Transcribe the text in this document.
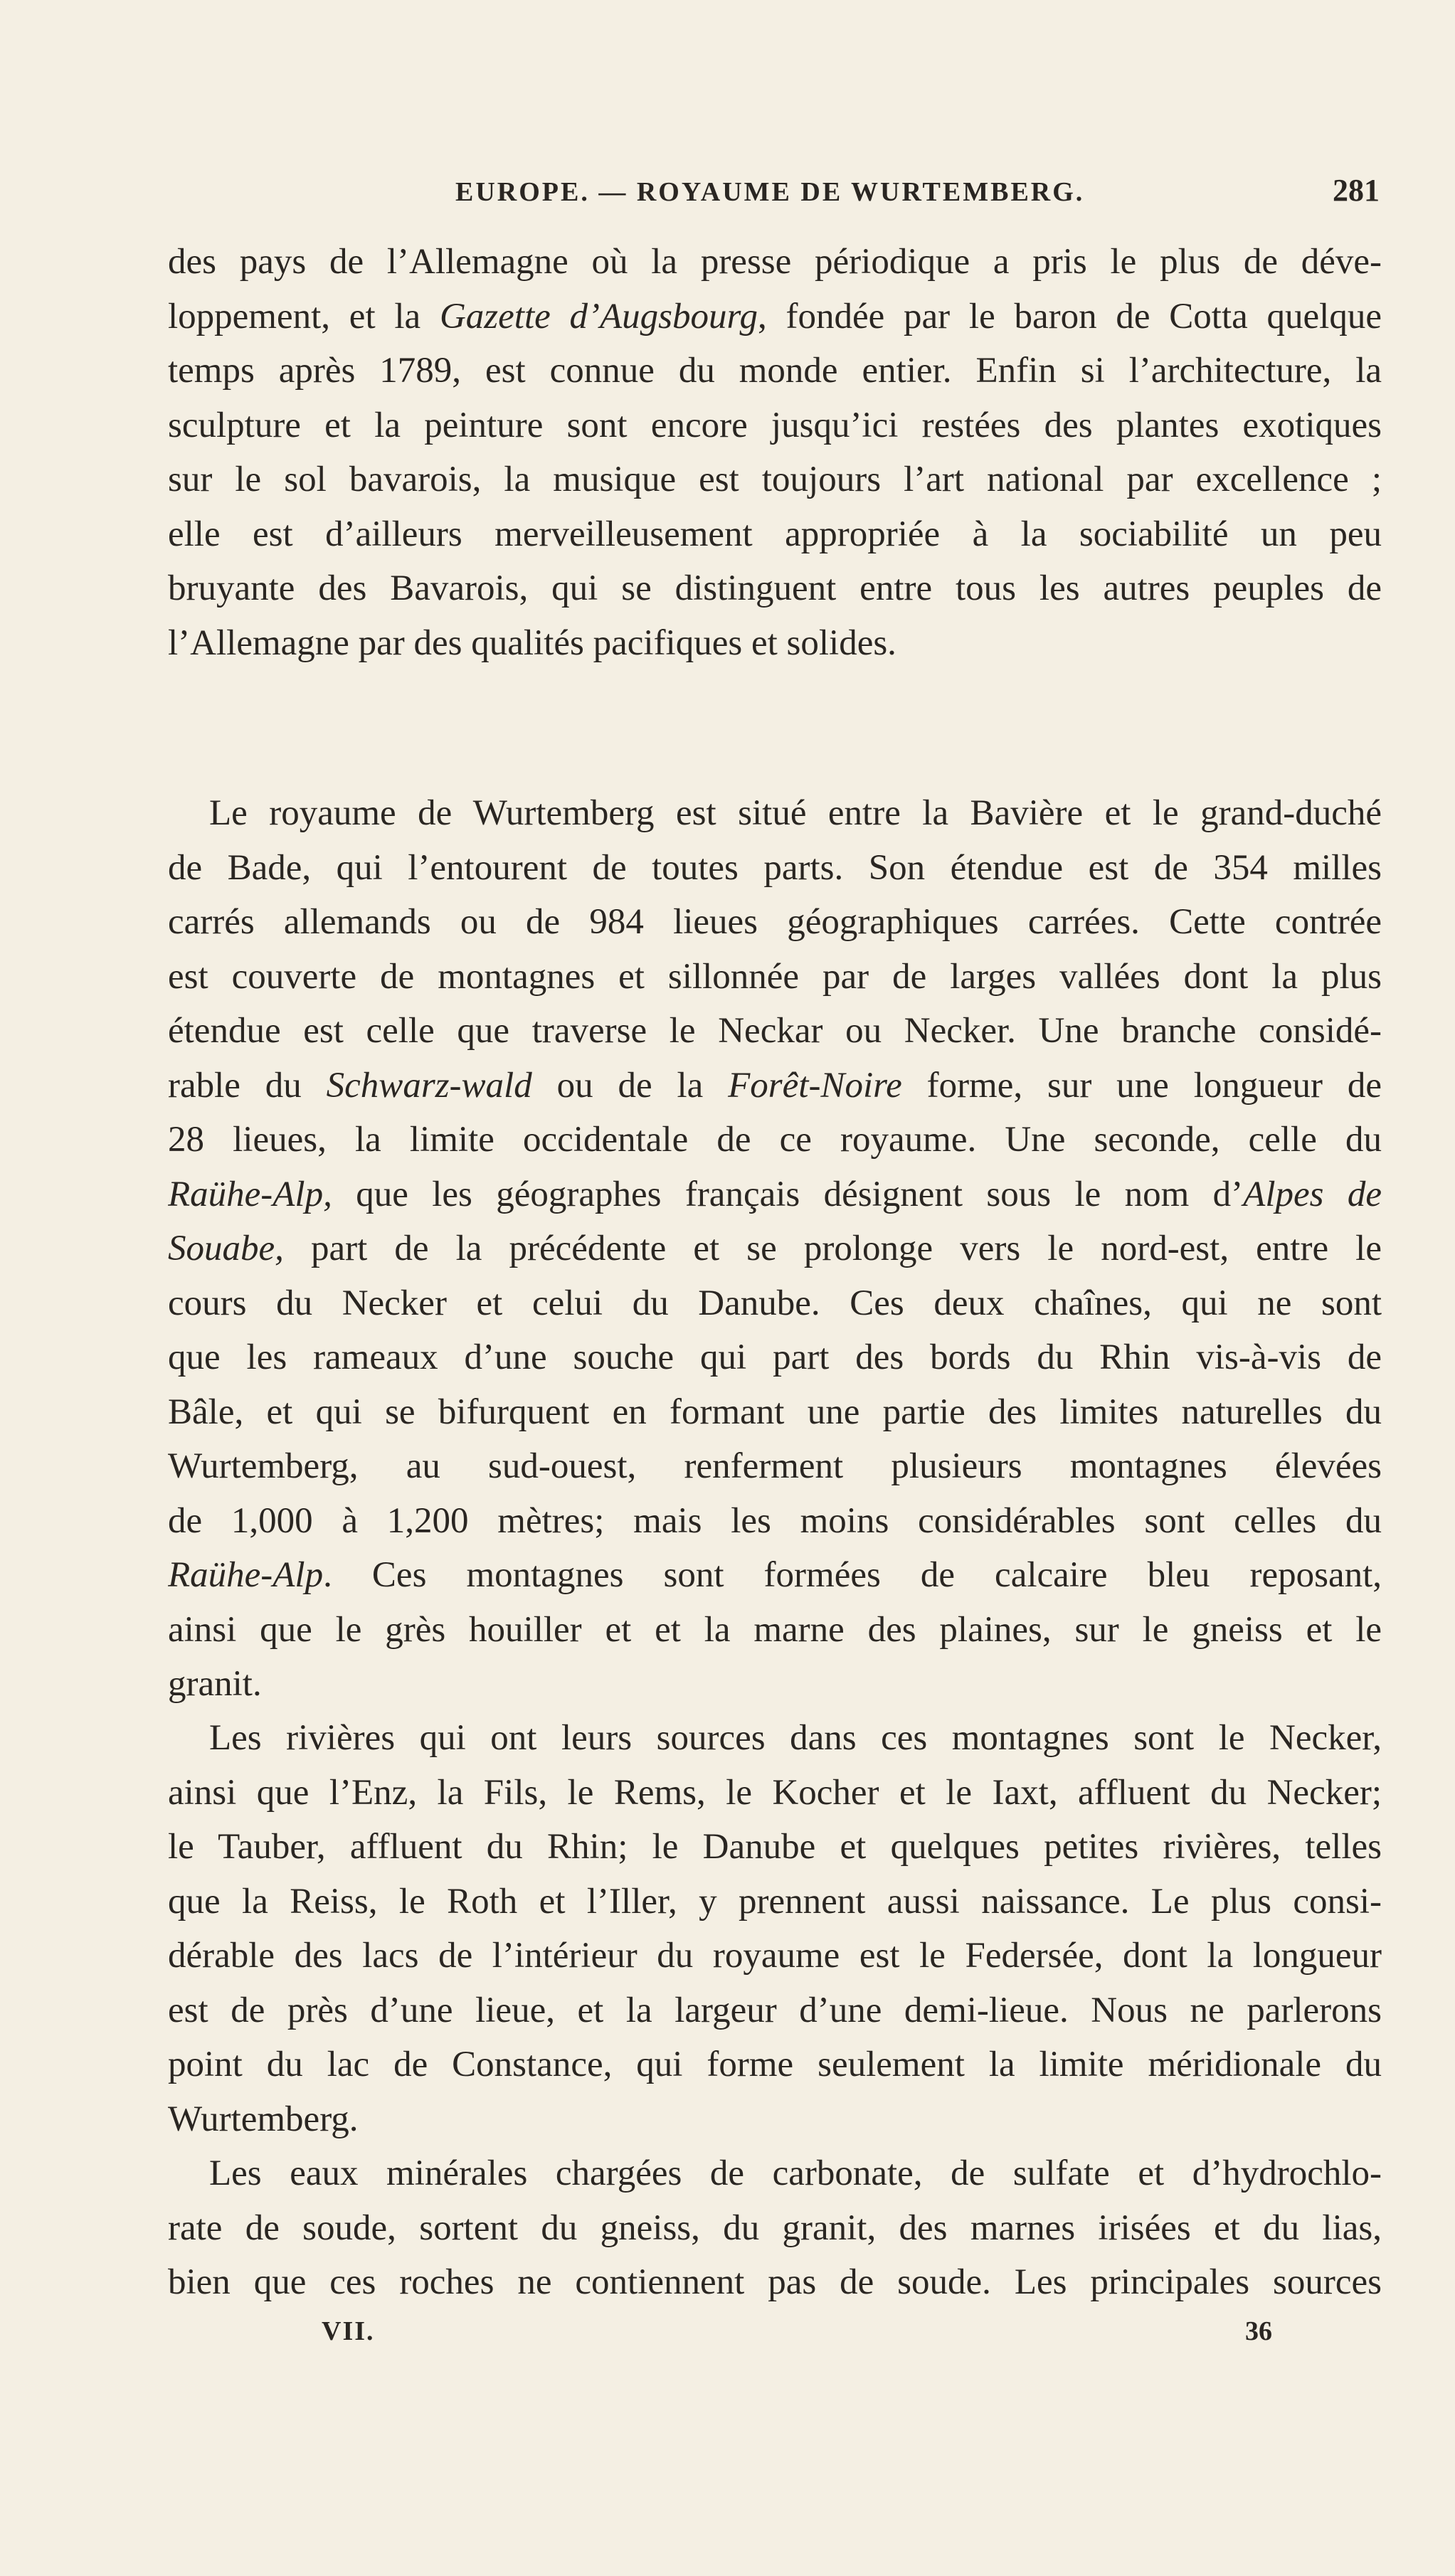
EUROPE. — ROYAUME DE WURTEMBERG.	281
des pays de l’Allemagne où la presse périodique a pris le plus de déve-
loppement, et la Gazette d’Augsbourg, fondée par le baron de Cotta quelque
temps après 1789, est connue du monde entier. Enfin si l’architecture, la
sculpture et la peinture sont encore jusqu’ici restées des plantes exotiques
sur le sol bavarois, la musique est toujours l’art national par excellence ;
elle est d’ailleurs merveilleusement appropriée à la sociabilité un peu
bruyante des Bavarois, qui se distinguent entre tous les autres peuples de
l’Allemagne par des qualités pacifiques et solides.
Le royaume de Wurtemberg est situé entre la Bavière et le grand-duché
de Bade, qui l’entourent de toutes parts. Son étendue est de 354 milles
carrés allemands ou de 984 lieues géographiques carrées. Cette contrée
est couverte de montagnes et sillonnée par de larges vallées dont la plus
étendue est celle que traverse le Neckar ou Necker. Une branche considé-
rable du Schwarz-wald ou de la Forêt-Noire forme, sur une longueur de
28 lieues, la limite occidentale de ce royaume. Une seconde, celle du
Raühe-Alp, que les géographes français désignent sous le nom d’Alpes de
Souabe, part de la précédente et se prolonge vers le nord-est, entre le
cours du Necker et celui du Danube. Ces deux chaînes, qui ne sont
que les rameaux d’une souche qui part des bords du Rhin vis-à-vis de
Bâle, et qui se bifurquent en formant une partie des limites naturelles du
Wurtemberg, au sud-ouest, renferment plusieurs montagnes élevées
de 1,000 à 1,200 mètres; mais les moins considérables sont celles du
Raühe-Alp. Ces montagnes sont formées de calcaire bleu reposant,
ainsi que le grès houiller et et la marne des plaines, sur le gneiss et le
granit.
Les rivières qui ont leurs sources dans ces montagnes sont le Necker,
ainsi que l’Enz, la Fils, le Rems, le Kocher et le Iaxt, affluent du Necker;
le Tauber, affluent du Rhin; le Danube et quelques petites rivières, telles
que la Reiss, le Roth et l’Iller, y prennent aussi naissance. Le plus consi-
dérable des lacs de l’intérieur du royaume est le Federsée, dont la longueur
est de près d’une lieue, et la largeur d’une demi-lieue. Nous ne parlerons
point du lac de Constance, qui forme seulement la limite méridionale du
Wurtemberg.
Les eaux minérales chargées de carbonate, de sulfate et d’hydrochlo-
rate de soude, sortent du gneiss, du granit, des marnes irisées et du lias,
bien que ces roches ne contiennent pas de soude. Les principales sources
VII.	36
